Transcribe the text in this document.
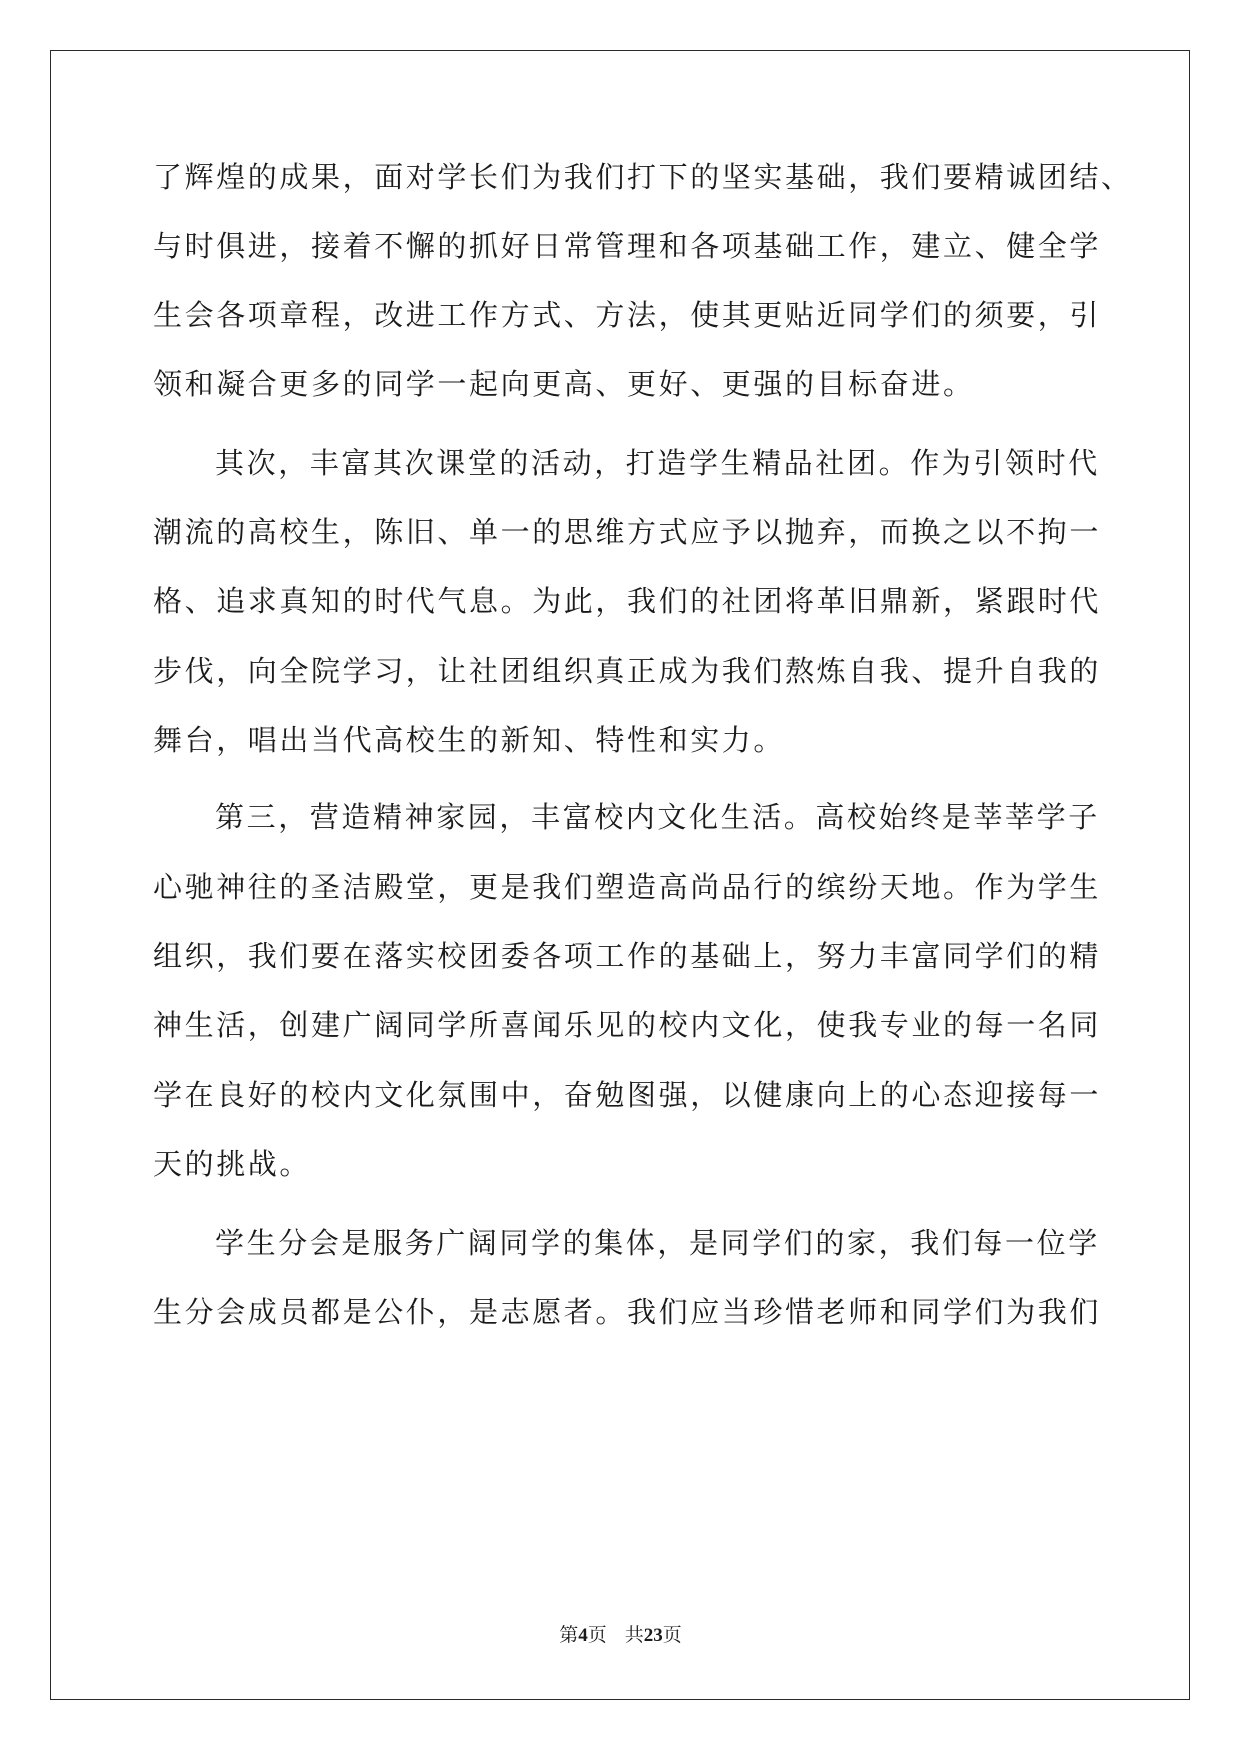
了辉煌的成果，面对学长们为我们打下的坚实基础，我们要精诚团结、
与时俱进，接着不懈的抓好日常管理和各项基础工作，建立、健全学
生会各项章程，改进工作方式、方法，使其更贴近同学们的须要，引
领和凝合更多的同学一起向更高、更好、更强的目标奋进。
其次，丰富其次课堂的活动，打造学生精品社团。作为引领时代
潮流的高校生，陈旧、单一的思维方式应予以抛弃，而换之以不拘一
格、追求真知的时代气息。为此，我们的社团将革旧鼎新，紧跟时代
步伐，向全院学习，让社团组织真正成为我们熬炼自我、提升自我的
舞台，唱出当代高校生的新知、特性和实力。
第三，营造精神家园，丰富校内文化生活。高校始终是莘莘学子
心驰神往的圣洁殿堂，更是我们塑造高尚品行的缤纷天地。作为学生
组织，我们要在落实校团委各项工作的基础上，努力丰富同学们的精
神生活，创建广阔同学所喜闻乐见的校内文化，使我专业的每一名同
学在良好的校内文化氛围中，奋勉图强，以健康向上的心态迎接每一
天的挑战。
学生分会是服务广阔同学的集体，是同学们的家，我们每一位学
生分会成员都是公仆，是志愿者。我们应当珍惜老师和同学们为我们
第4页 共23页
